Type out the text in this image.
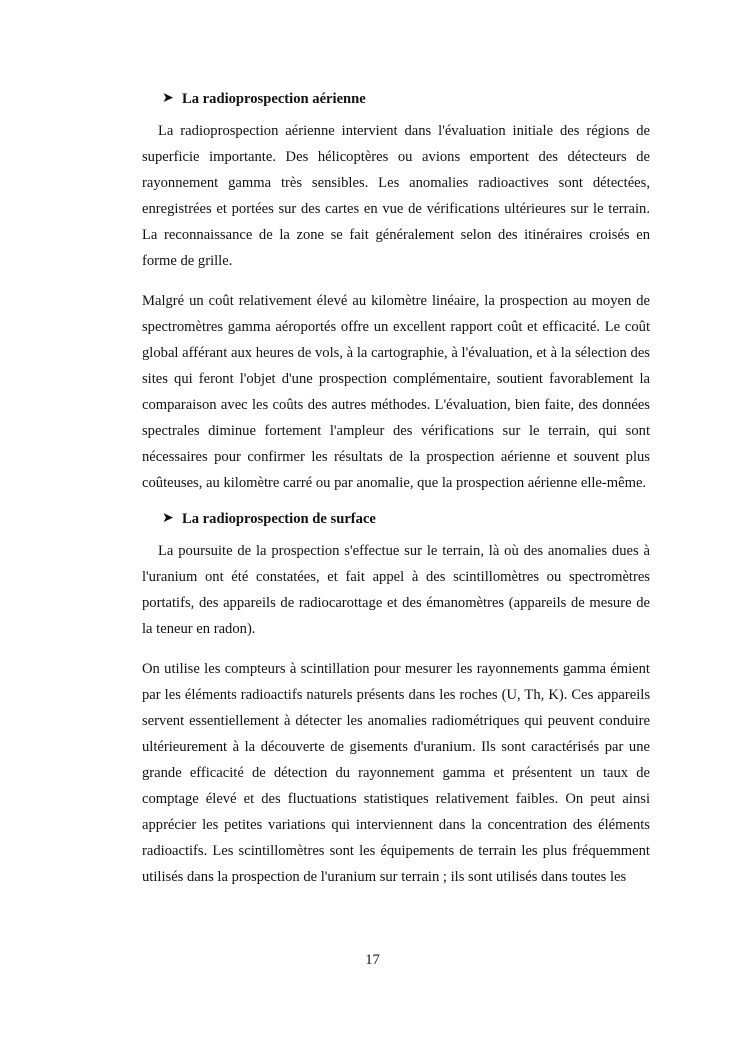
➤ La radioprospection aérienne

La radioprospection aérienne intervient dans l'évaluation initiale des régions de superficie importante. Des hélicoptères ou avions emportent des détecteurs de rayonnement gamma très sensibles. Les anomalies radioactives sont détectées, enregistrées et portées sur des cartes en vue de vérifications ultérieures sur le terrain. La reconnaissance de la zone se fait généralement selon des itinéraires croisés en forme de grille.

Malgré un coût relativement élevé au kilomètre linéaire, la prospection au moyen de spectromètres gamma aéroportés offre un excellent rapport coût et efficacité. Le coût global afférant aux heures de vols, à la cartographie, à l'évaluation, et à la sélection des sites qui feront l'objet d'une prospection complémentaire, soutient favorablement la comparaison avec les coûts des autres méthodes. L'évaluation, bien faite, des données spectrales diminue fortement l'ampleur des vérifications sur le terrain, qui sont nécessaires pour confirmer les résultats de la prospection aérienne et souvent plus coûteuses, au kilomètre carré ou par anomalie, que la prospection aérienne elle-même.

➤ La radioprospection de surface

La poursuite de la prospection s'effectue sur le terrain, là où des anomalies dues à l'uranium ont été constatées, et fait appel à des scintillomètres ou spectromètres portatifs, des appareils de radiocarottage et des émanomètres (appareils de mesure de la teneur en radon).

On utilise les compteurs à scintillation pour mesurer les rayonnements gamma émient par les éléments radioactifs naturels présents dans les roches (U, Th, K). Ces appareils servent essentiellement à détecter les anomalies radiométriques qui peuvent conduire ultérieurement à la découverte de gisements d'uranium. Ils sont caractérisés par une grande efficacité de détection du rayonnement gamma et présentent un taux de comptage élevé et des fluctuations statistiques relativement faibles. On peut ainsi apprécier les petites variations qui interviennent dans la concentration des éléments radioactifs. Les scintillomètres sont les équipements de terrain les plus fréquemment utilisés dans la prospection de l'uranium sur terrain ; ils sont utilisés dans toutes les

17
